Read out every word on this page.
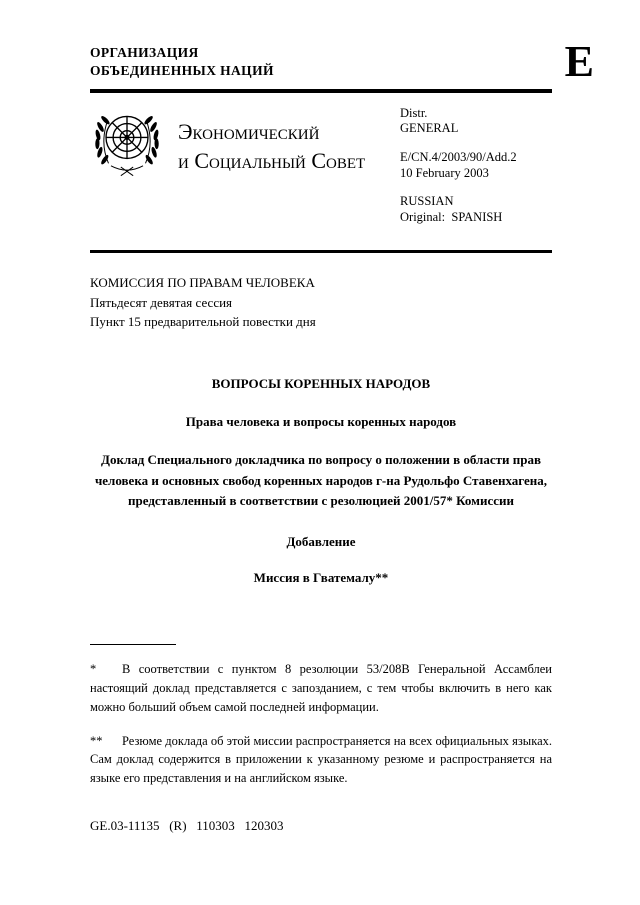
E
ОРГАНИЗАЦИЯ
ОБЪЕДИНЕННЫХ НАЦИЙ
Экономический
и Социальный Совет
Distr.
GENERAL
E/CN.4/2003/90/Add.2
10 February 2003
RUSSIAN
Original:  SPANISH
КОМИССИЯ ПО ПРАВАМ ЧЕЛОВЕКА
Пятьдесят девятая сессия
Пункт 15 предварительной повестки дня
ВОПРОСЫ КОРЕННЫХ НАРОДОВ
Права человека и вопросы коренных народов
Доклад Специального докладчика по вопросу о положении в области прав человека и основных свобод коренных народов г-на Рудольфо Ставенхагена, представленный в соответствии с резолюцией 2001/57* Комиссии
Добавление
Миссия в Гватемалу**
* В соответствии с пунктом 8 резолюции 53/208В Генеральной Ассамблеи настоящий доклад представляется с запозданием, с тем чтобы включить в него как можно больший объем самой последней информации.
** Резюме доклада об этой миссии распространяется на всех официальных языках.  Сам доклад содержится в приложении к указанному резюме и распространяется на языке его представления и на английском языке.
GE.03-11135   (R)   110303   120303
